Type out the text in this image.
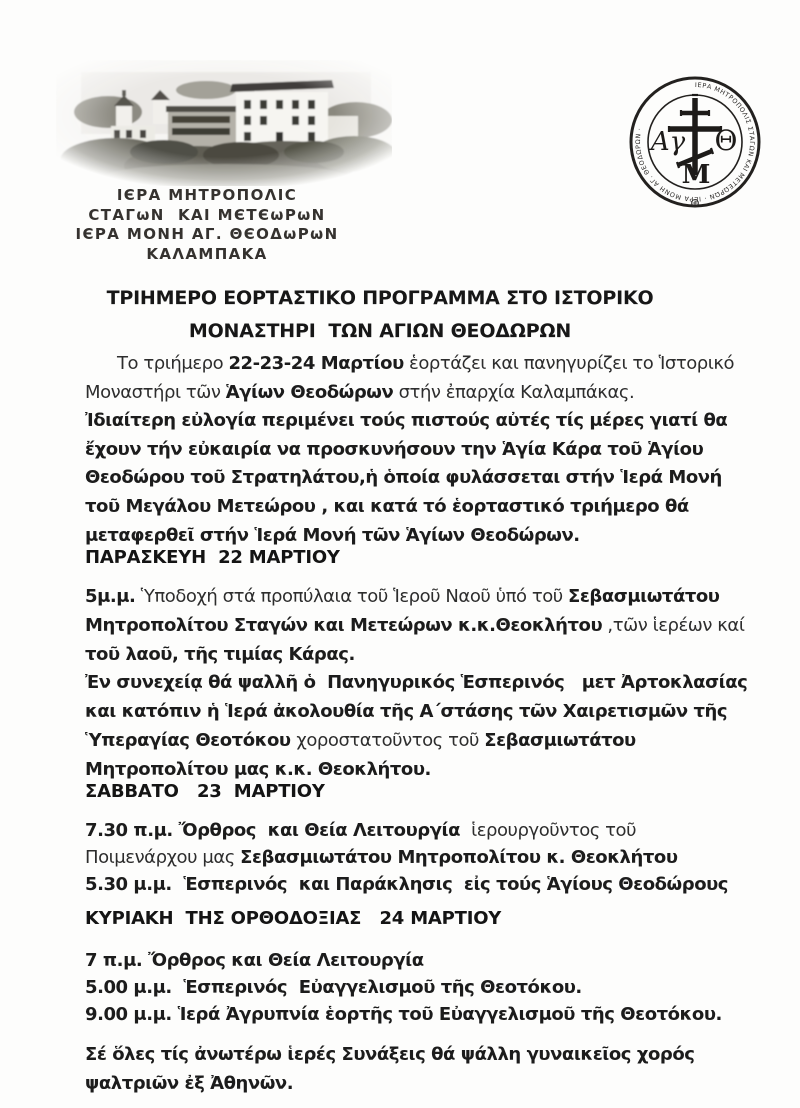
ΙЄΡΑ ΜΗΤΡΟΠΟΛΙC
CΤΑΓωΝ  ΚΑΙ ΜЄΤЄωΡωΝ
ΙЄΡΑ ΜΟΝΗ ΑΓ. ΘЄΟΔωΡωΝ
ΚΑΛΑΜΠΑΚΑ
ΙΕΡΑ ΜΗΤΡΟΠΟΛΙΣ ΣΤΑΓΩΝ ΚΑΙ ΜΕΤΕΩΡΩΝ · ΙΕΡΑ ΜΟΝΗ ΑΓ. ΘΕΟΔΩΡΩΝ · Αγ Θ
Μ
ΤΡΙΗΜΕΡΟ ΕΟΡΤΑΣΤΙΚΟ ΠΡΟΓΡΑΜΜΑ ΣΤΟ ΙΣΤΟΡΙΚΟ
ΜΟΝΑΣΤΗΡΙ  ΤΩΝ ΑΓΙΩΝ ΘΕΟΔΩΡΩΝ
Το τριήμερο 22-23-24 Μαρτίου ἑορτάζει και πανηγυρίζει το Ἱστορικό
Μοναστήρι τῶν Ἁγίων Θεοδώρων στήν ἐπαρχία Καλαμπάκας.
Ἰδιαίτερη εὐλογία περιμένει τούς πιστούς αὐτές τίς μέρες γιατί θα
ἔχουν τήν εὐκαιρία να προσκυνήσουν την Ἁγία Κάρα τοῦ Ἁγίου
Θεοδώρου τοῦ Στρατηλάτου,ἡ ὁποία φυλάσσεται στήν Ἱερά Μονή
τοῦ Μεγάλου Μετεώρου , και κατά τό ἑορταστικό τριήμερο θά
μεταφερθεῖ στήν Ἱερά Μονή τῶν Ἁγίων Θεοδώρων.
ΠΑΡΑΣΚΕΥΗ  22 ΜΑΡΤΙΟΥ
5μ.μ. Ὑποδοχή στά προπύλαια τοῦ Ἱεροῦ Ναοῦ ὑπό τοῦ Σεβασμιωτάτου
Μητροπολίτου Σταγών και Μετεώρων κ.κ.Θεοκλήτου ,τῶν ἱερέων καί
τοῦ λαοῦ, τῆς τιμίας Κάρας.
Ἐν συνεχείᾳ θά ψαλλῆ ὁ  Πανηγυρικός Ἑσπερινός   μετ Ἀρτοκλασίας
και κατόπιν ἡ Ἱερά ἀκολουθία τῆς Α΄στάσης τῶν Χαιρετισμῶν τῆς
Ὑπεραγίας Θεοτόκου χοροστατοῦντος τοῦ Σεβασμιωτάτου
Μητροπολίτου μας κ.κ. Θεοκλήτου.
ΣΑΒΒΑΤΟ   23  ΜΑΡΤΙΟΥ
7.30 π.μ. Ὄρθρος  και Θεία Λειτουργία  ἱερουργοῦντος τοῦ
Ποιμενάρχου μας Σεβασμιωτάτου Μητροπολίτου κ. Θεοκλήτου
5.30 μ.μ.  Ἑσπερινός  και Παράκλησις  εἰς τούς Ἁγίους Θεοδώρους
ΚΥΡΙΑΚΗ  ΤΗΣ ΟΡΘΟΔΟΞΙΑΣ   24 ΜΑΡΤΙΟΥ
7 π.μ. Ὄρθρος και Θεία Λειτουργία
5.00 μ.μ.  Ἑσπερινός  Εὐαγγελισμοῦ τῆς Θεοτόκου.
9.00 μ.μ. Ἱερά Ἀγρυπνία ἑορτῆς τοῦ Εὐαγγελισμοῦ τῆς Θεοτόκου.
Σέ ὅλες τίς ἀνωτέρω ἱερές Συνάξεις θά ψάλλη γυναικεῖος χορός
ψαλτριῶν ἐξ Ἀθηνῶν.
